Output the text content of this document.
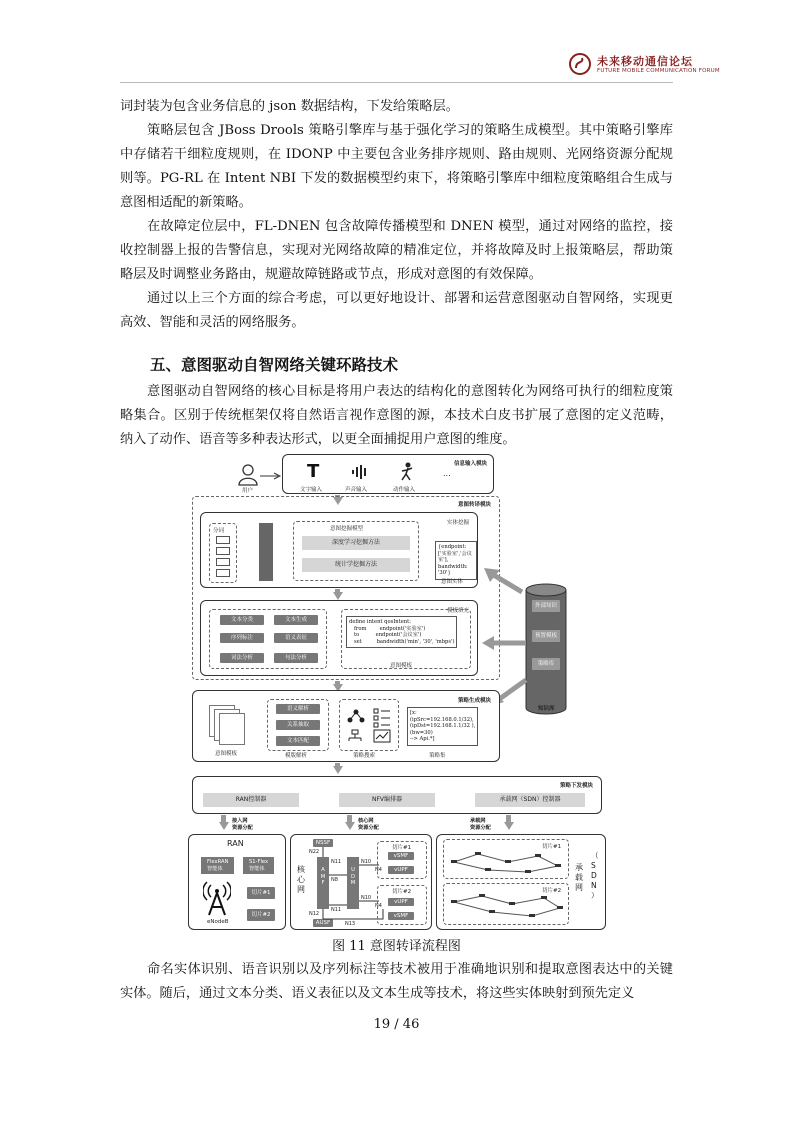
未来移动通信论坛
FUTURE MOBILE COMMUNICATION FORUM
词封装为包含业务信息的 json 数据结构，下发给策略层。
策略层包含 JBoss Drools 策略引擎库与基于强化学习的策略生成模型。其中策略引擎库中存储若干细粒度规则，在 IDONP 中主要包含业务排序规则、路由规则、光网络资源分配规则等。PG-RL 在 Intent NBI 下发的数据模型约束下，将策略引擎库中细粒度策略组合生成与意图相适配的新策略。
在故障定位层中，FL-DNEN 包含故障传播模型和 DNEN 模型，通过对网络的监控，接收控制器上报的告警信息，实现对光网络故障的精准定位，并将故障及时上报策略层，帮助策略层及时调整业务路由，规避故障链路或节点，形成对意图的有效保障。
通过以上三个方面的综合考虑，可以更好地设计、部署和运营意图驱动自智网络，实现更高效、智能和灵活的网络服务。
五、意图驱动自智网络关键环路技术
意图驱动自智网络的核心目标是将用户表达的结构化的意图转化为网络可执行的细粒度策略集合。区别于传统框架仅将自然语言视作意图的源，本技术白皮书扩展了意图的定义范畴，纳入了动作、语音等多种表达形式，以更全面捕捉用户意图的维度。
用户
信息输入模块
T
文字输入	声音输入	动作输入
...
意图转译模块
实体挖掘
分词	意图挖掘模型
深度学习挖掘方法
统计学挖掘方法
{endpoint:['实验室','会议室'],
bandwidth: '30'}
意图实体
模板填充
文本分类	文本生成
序列标注	语义表征
词法分析	句法分析
define intent qosIntent:
from        endpoint('实验室')
to          endpoint('会议室')
set         bandwidth('min', '30', 'mbps')
意图模板
外部知识
预置模板
策略库
知识库
策略生成模块
意图模板
语义解析
关系抽取
文本匹配
模版解析	策略搜索
[x:
(ipSrc=192.168.0.1/32),
(ipDst=192.168.1.1/32 ),
(bw=30)
--> Api.*]
策略集
策略下发模块
RAN控制器	NFV编排器	承载网（SDN）控制器
接入网
资源分配
核心网
资源分配
承载网
资源分配
RAN
FlexRAN
智能体
S1-Flex
智能体
eNodeB
切片#1
切片#2
核
心
网
NSSF
AUSF
A
M
F
U
D
M
N22
N11
N8
N12
N11
N13
N10
N10
N4
N4
切片#1
vSMF
vUPF
切片#2
vUPF
vSMF
切片#1
切片#2
承
载
网
（
S
D
N
）
图 11 意图转译流程图
命名实体识别、语音识别以及序列标注等技术被用于准确地识别和提取意图表达中的关键实体。随后，通过文本分类、语义表征以及文本生成等技术，将这些实体映射到预先定义
19 / 46
